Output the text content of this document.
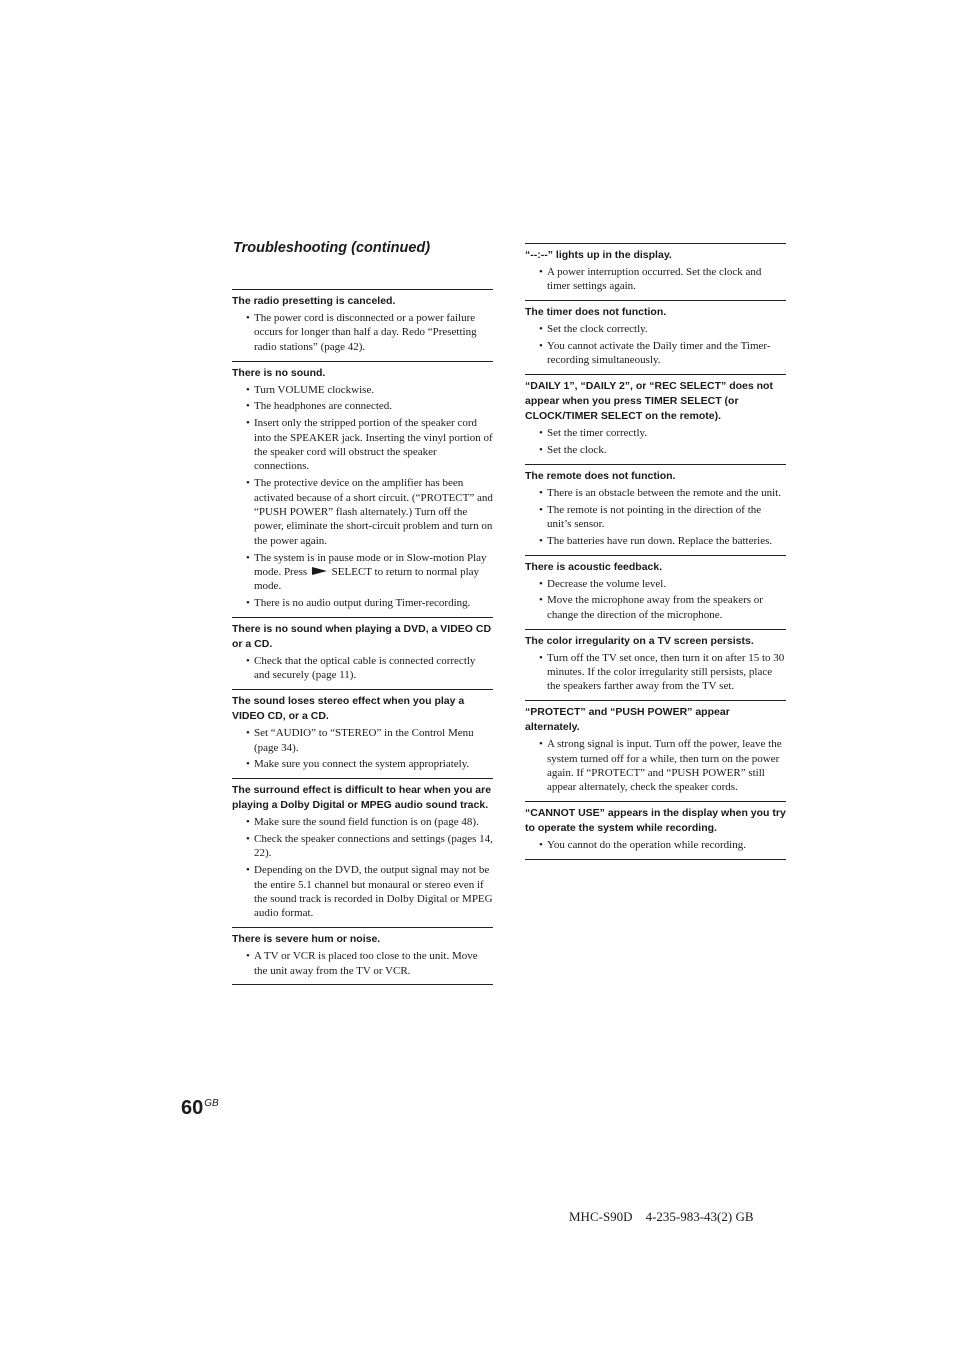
Troubleshooting (continued)

The radio presetting is canceled.

• The power cord is disconnected or a power failure occurs for longer than half a day. Redo “Presetting radio stations” (page 42).

There is no sound.

• Turn VOLUME clockwise.
• The headphones are connected.
• Insert only the stripped portion of the speaker cord into the SPEAKER jack. Inserting the vinyl portion of the speaker cord will obstruct the speaker connections.
• The protective device on the amplifier has been activated because of a short circuit. (“PROTECT” and “PUSH POWER” flash alternately.) Turn off the power, eliminate the short-circuit problem and turn on the power again.
• The system is in pause mode or in Slow-motion Play mode. Press SELECT to return to normal play mode.
• There is no audio output during Timer-recording.

There is no sound when playing a DVD, a VIDEO CD or a CD.

• Check that the optical cable is connected correctly and securely (page 11).

The sound loses stereo effect when you play a VIDEO CD, or a CD.

• Set “AUDIO” to “STEREO” in the Control Menu (page 34).
• Make sure you connect the system appropriately.

The surround effect is difficult to hear when you are playing a Dolby Digital or MPEG audio sound track.

• Make sure the sound field function is on (page 48).
• Check the speaker connections and settings (pages 14, 22).
• Depending on the DVD, the output signal may not be the entire 5.1 channel but monaural or stereo even if the sound track is recorded in Dolby Digital or MPEG audio format.

There is severe hum or noise.

• A TV or VCR is placed too close to the unit. Move the unit away from the TV or VCR.

“--:--” lights up in the display.

• A power interruption occurred. Set the clock and timer settings again.

The timer does not function.

• Set the clock correctly.
• You cannot activate the Daily timer and the Timer-recording simultaneously.

“DAILY 1”, “DAILY 2”, or “REC SELECT” does not appear when you press TIMER SELECT (or CLOCK/TIMER SELECT on the remote).

• Set the timer correctly.
• Set the clock.

The remote does not function.

• There is an obstacle between the remote and the unit.
• The remote is not pointing in the direction of the unit’s sensor.
• The batteries have run down. Replace the batteries.

There is acoustic feedback.

• Decrease the volume level.
• Move the microphone away from the speakers or change the direction of the microphone.

The color irregularity on a TV screen persists.

• Turn off the TV set once, then turn it on after 15 to 30 minutes. If the color irregularity still persists, place the speakers farther away from the TV set.

“PROTECT” and “PUSH POWER” appear alternately.

• A strong signal is input. Turn off the power, leave the system turned off for a while, then turn on the power again. If “PROTECT” and “PUSH POWER” still appear alternately, check the speaker cords.

“CANNOT USE” appears in the display when you try to operate the system while recording.

• You cannot do the operation while recording.
$60^{GB}$
MHC-S90D    4-235-983-43(2) GB
